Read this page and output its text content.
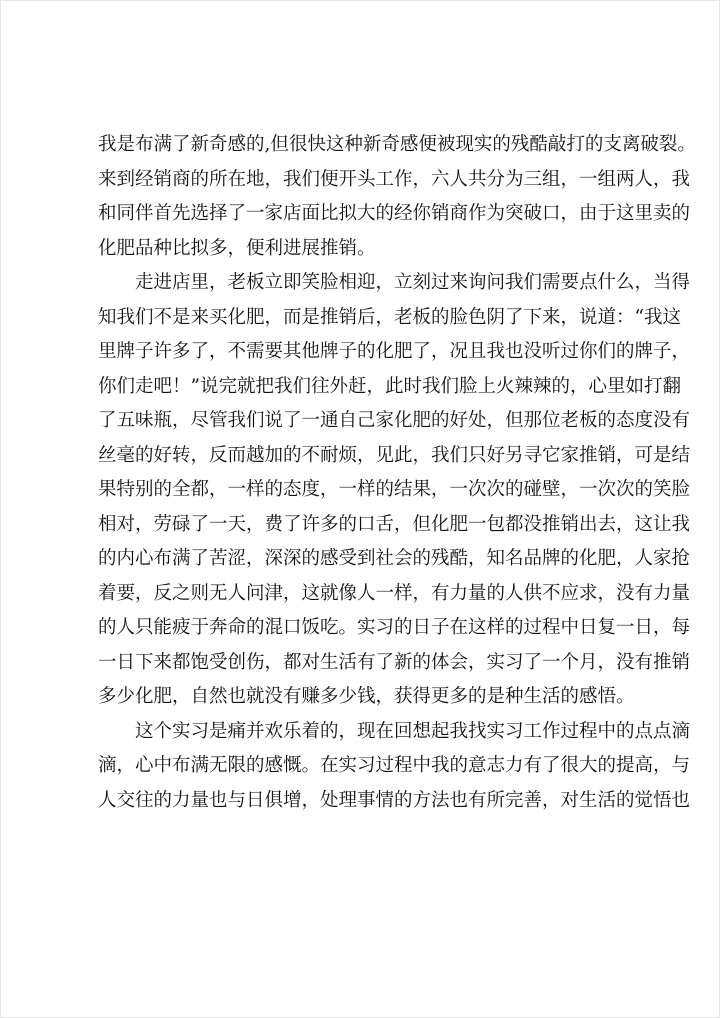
我是布满了新奇感的,但很快这种新奇感便被现实的残酷敲打的支离破裂。
来到经销商的所在地，我们便开头工作，六人共分为三组，一组两人，我
和同伴首先选择了一家店面比拟大的经你销商作为突破口，由于这里卖的
化肥品种比拟多，便利进展推销。
走进店里，老板立即笑脸相迎，立刻过来询问我们需要点什么，当得
知我们不是来买化肥，而是推销后，老板的脸色阴了下来，说道：“我这
里牌子许多了，不需要其他牌子的化肥了，况且我也没听过你们的牌子，
你们走吧！”说完就把我们往外赶，此时我们脸上火辣辣的，心里如打翻
了五味瓶，尽管我们说了一通自己家化肥的好处，但那位老板的态度没有
丝毫的好转，反而越加的不耐烦，见此，我们只好另寻它家推销，可是结
果特别的全都，一样的态度，一样的结果，一次次的碰壁，一次次的笑脸
相对，劳碌了一天，费了许多的口舌，但化肥一包都没推销出去，这让我
的内心布满了苦涩，深深的感受到社会的残酷，知名品牌的化肥，人家抢
着要，反之则无人问津，这就像人一样，有力量的人供不应求，没有力量
的人只能疲于奔命的混口饭吃。实习的日子在这样的过程中日复一日，每
一日下来都饱受创伤，都对生活有了新的体会，实习了一个月，没有推销
多少化肥，自然也就没有赚多少钱，获得更多的是种生活的感悟。
这个实习是痛并欢乐着的，现在回想起我找实习工作过程中的点点滴
滴，心中布满无限的感慨。在实习过程中我的意志力有了很大的提高，与
人交往的力量也与日俱增，处理事情的方法也有所完善，对生活的觉悟也
